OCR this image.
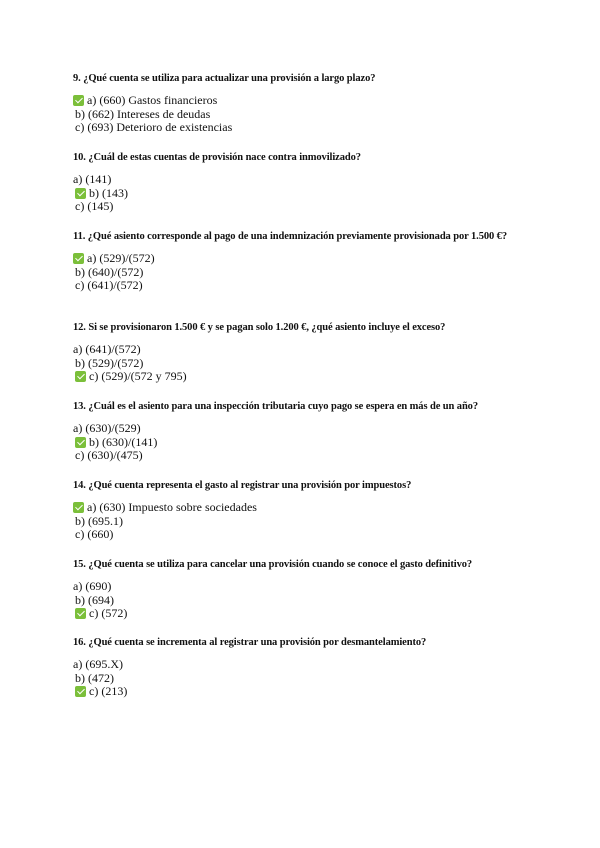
9. ¿Qué cuenta se utiliza para actualizar una provisión a largo plazo?
a) (660) Gastos financieros
b) (662) Intereses de deudas
c) (693) Deterioro de existencias
10. ¿Cuál de estas cuentas de provisión nace contra inmovilizado?
a) (141)
b) (143)
c) (145)
11. ¿Qué asiento corresponde al pago de una indemnización previamente provisionada por 1.500 €?
a) (529)/(572)
b) (640)/(572)
c) (641)/(572)
12. Si se provisionaron 1.500 € y se pagan solo 1.200 €, ¿qué asiento incluye el exceso?
a) (641)/(572)
b) (529)/(572)
c) (529)/(572 y 795)
13. ¿Cuál es el asiento para una inspección tributaria cuyo pago se espera en más de un año?
a) (630)/(529)
b) (630)/(141)
c) (630)/(475)
14. ¿Qué cuenta representa el gasto al registrar una provisión por impuestos?
a) (630) Impuesto sobre sociedades
b) (695.1)
c) (660)
15. ¿Qué cuenta se utiliza para cancelar una provisión cuando se conoce el gasto definitivo?
a) (690)
b) (694)
c) (572)
16. ¿Qué cuenta se incrementa al registrar una provisión por desmantelamiento?
a) (695.X)
b) (472)
c) (213)
